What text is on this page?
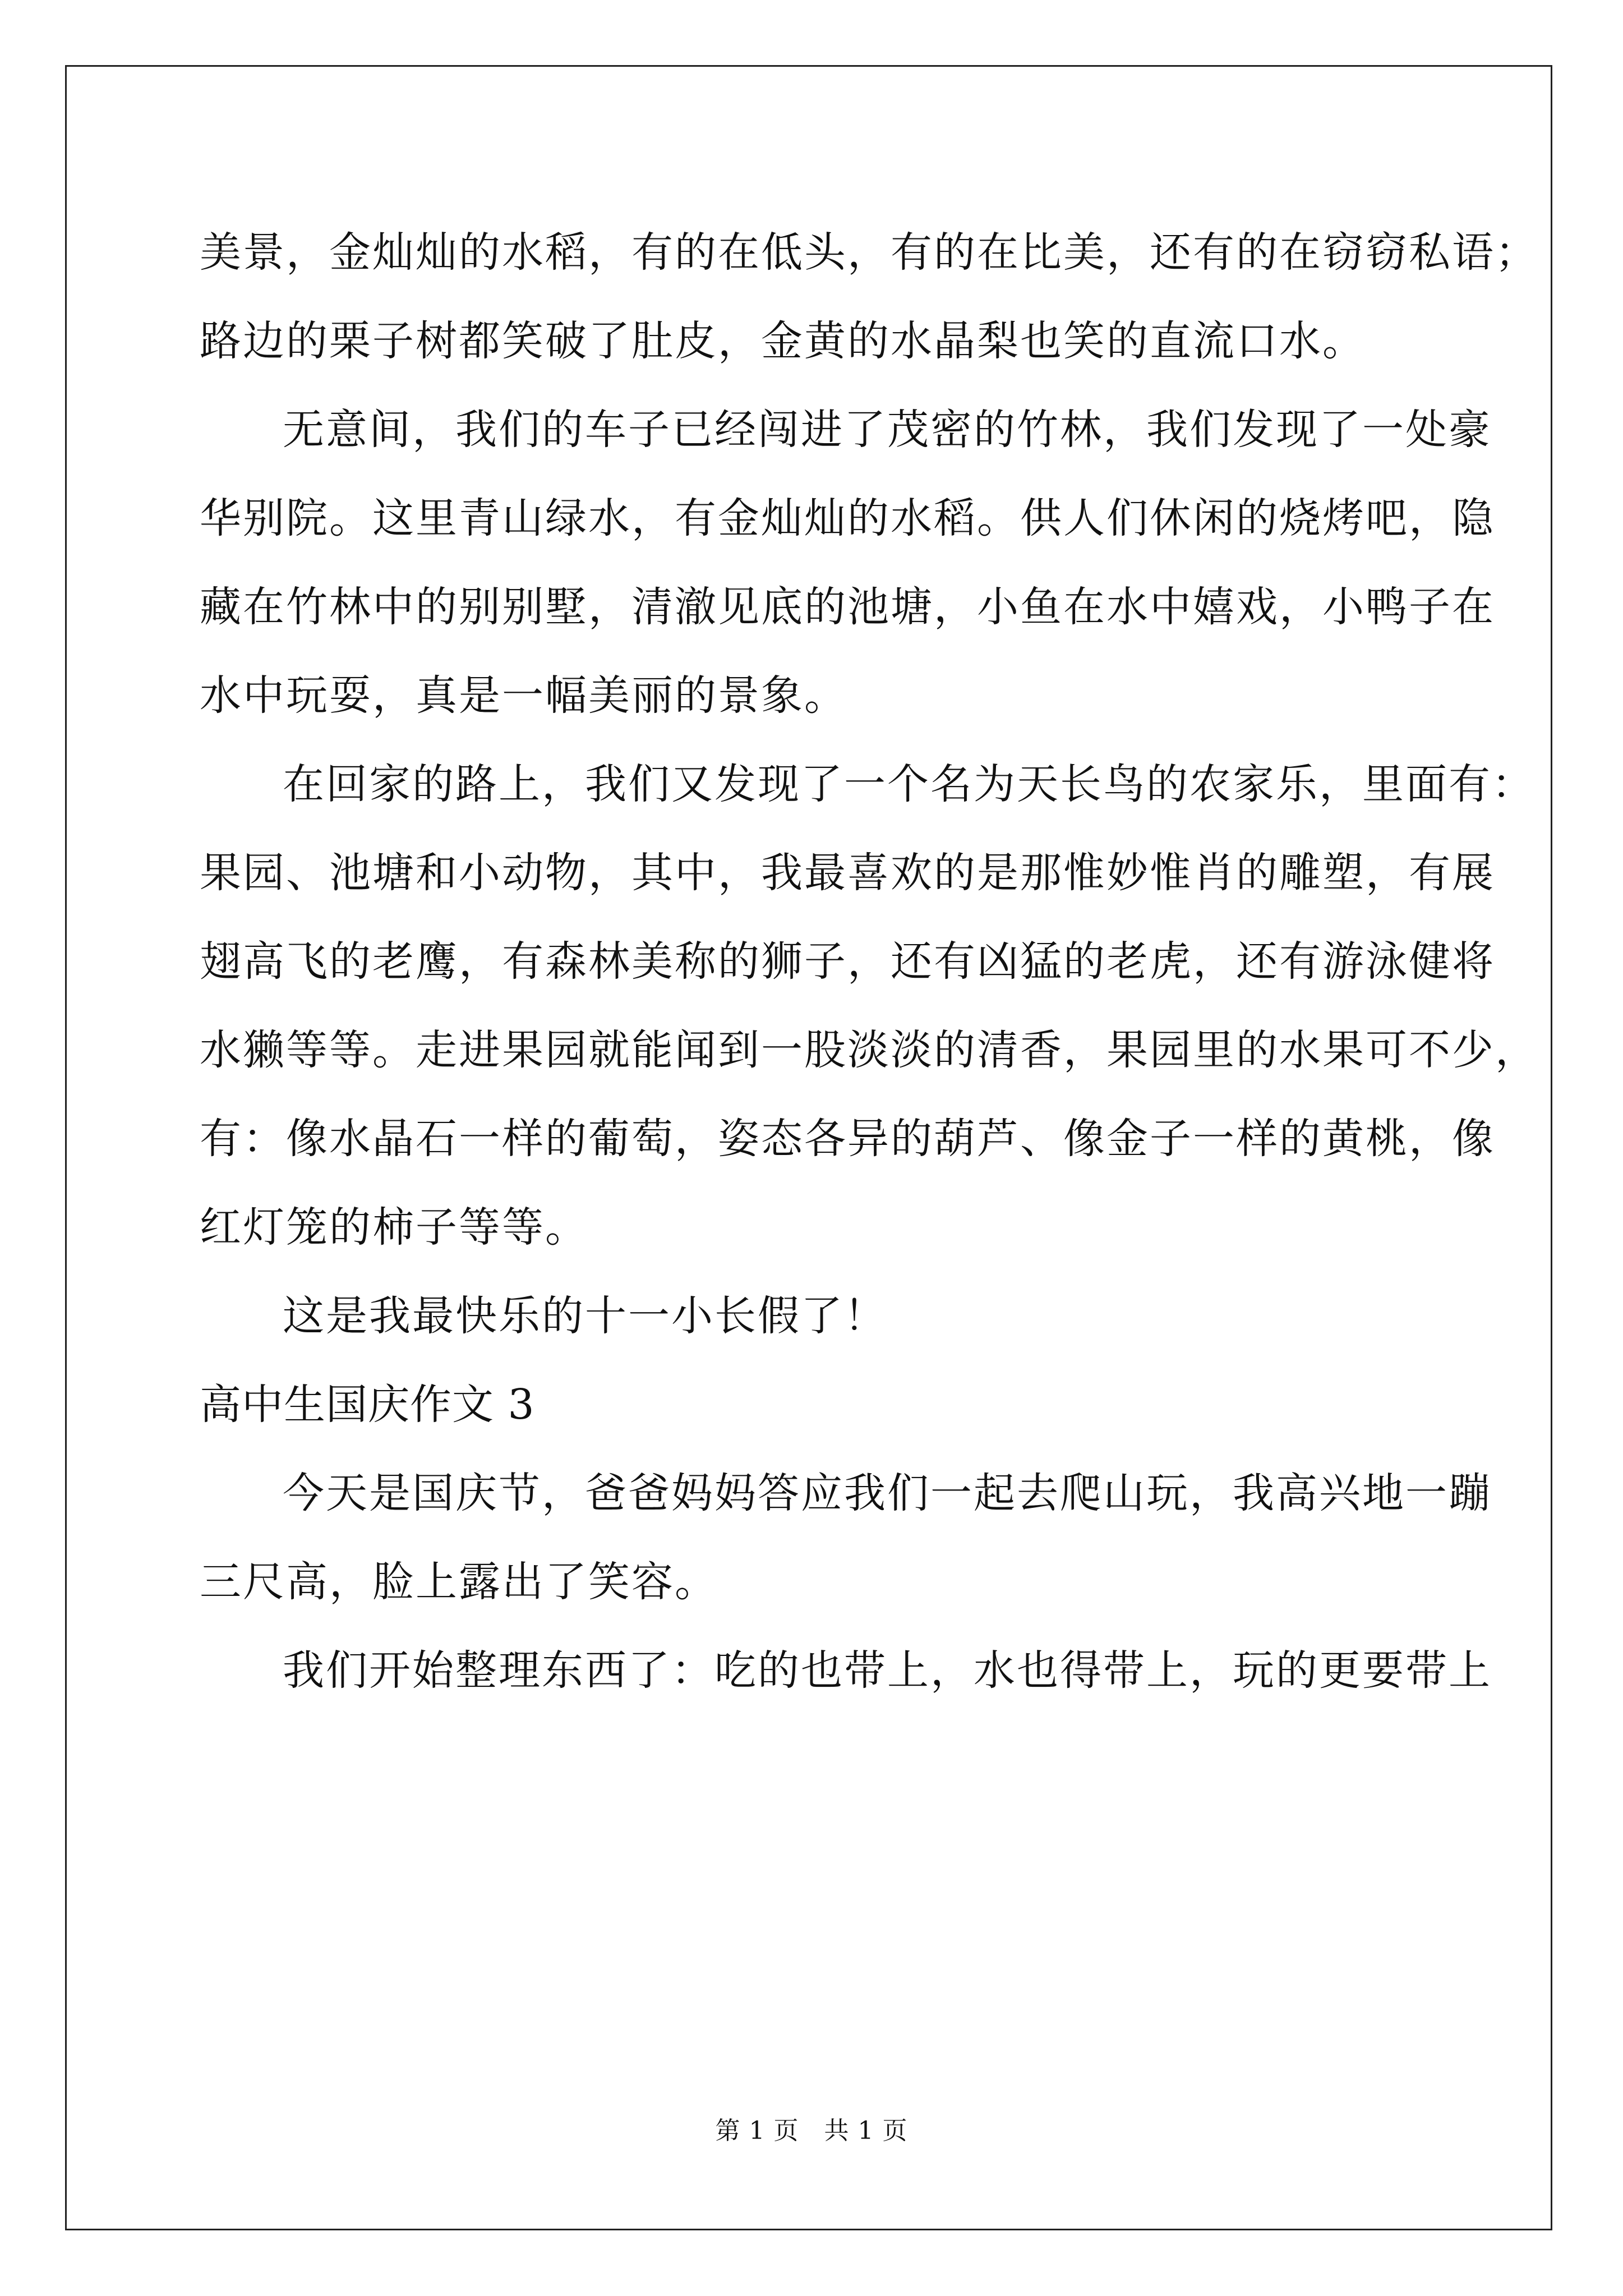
美景，金灿灿的水稻，有的在低头，有的在比美，还有的在窃窃私语；
路边的栗子树都笑破了肚皮，金黄的水晶梨也笑的直流口水。
无意间，我们的车子已经闯进了茂密的竹林，我们发现了一处豪
华别院。这里青山绿水，有金灿灿的水稻。供人们休闲的烧烤吧，隐
藏在竹林中的别别墅，清澈见底的池塘，小鱼在水中嬉戏，小鸭子在
水中玩耍，真是一幅美丽的景象。
在回家的路上，我们又发现了一个名为天长鸟的农家乐，里面有：
果园、池塘和小动物，其中，我最喜欢的是那惟妙惟肖的雕塑，有展
翅高飞的老鹰，有森林美称的狮子，还有凶猛的老虎，还有游泳健将
水獭等等。走进果园就能闻到一股淡淡的清香，果园里的水果可不少，
有：像水晶石一样的葡萄，姿态各异的葫芦、像金子一样的黄桃，像
红灯笼的柿子等等。
这是我最快乐的十一小长假了！
高中生国庆作文 3
今天是国庆节，爸爸妈妈答应我们一起去爬山玩，我高兴地一蹦
三尺高，脸上露出了笑容。
我们开始整理东西了：吃的也带上，水也得带上，玩的更要带上
第 1 页　共 1 页
